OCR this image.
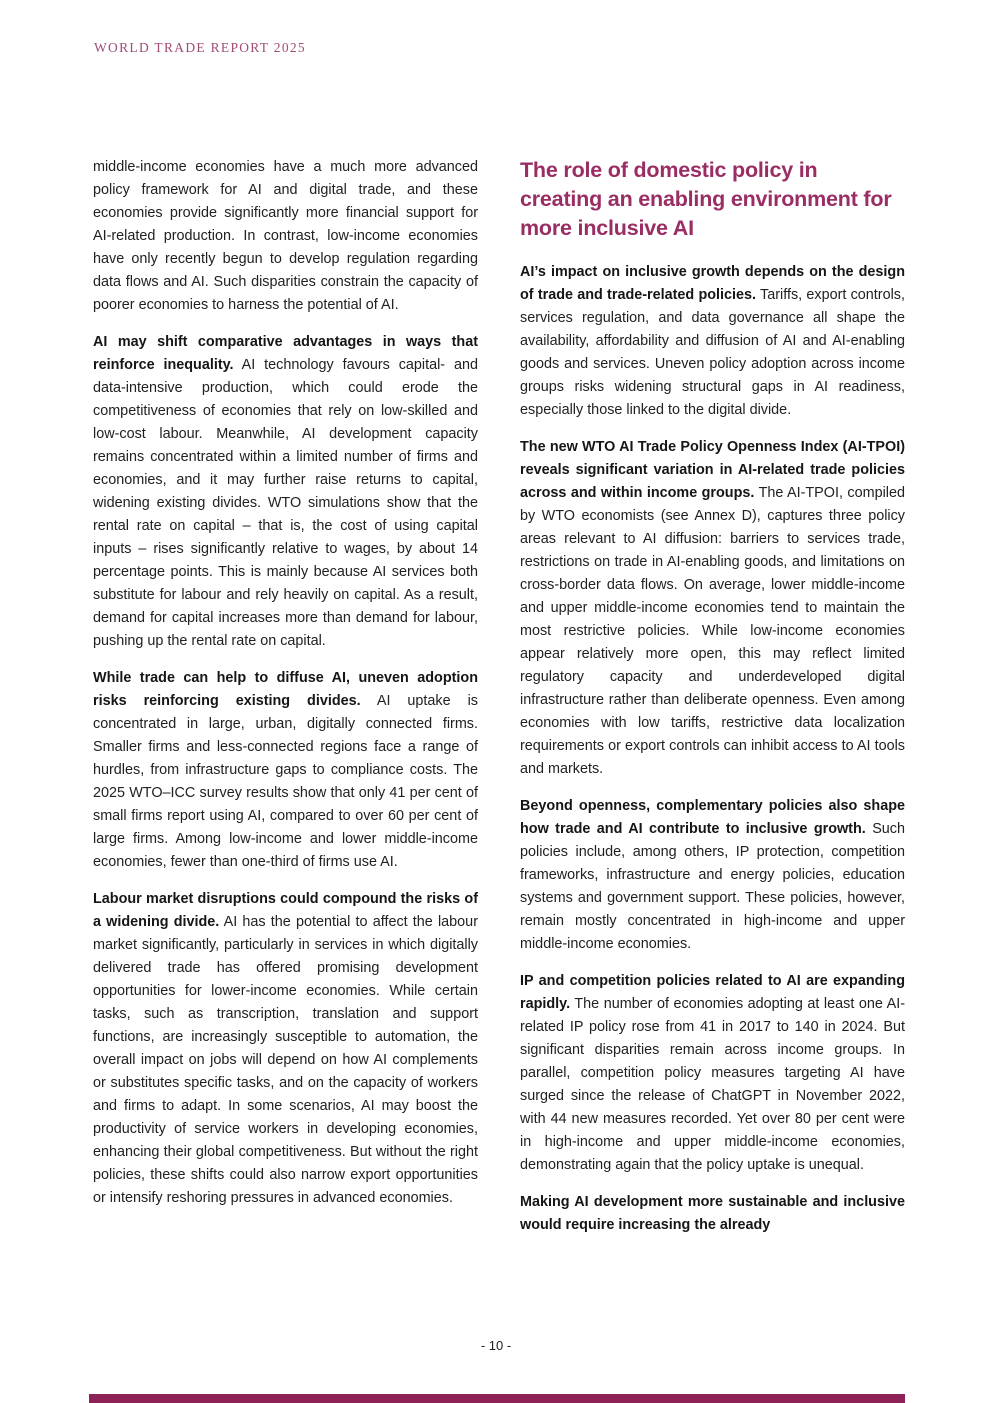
WORLD TRADE REPORT 2025

middle-income economies have a much more advanced policy framework for AI and digital trade, and these economies provide significantly more financial support for AI-related production. In contrast, low-income economies have only recently begun to develop regulation regarding data flows and AI. Such disparities constrain the capacity of poorer economies to harness the potential of AI.

AI may shift comparative advantages in ways that reinforce inequality. AI technology favours capital- and data-intensive production, which could erode the competitiveness of economies that rely on low-skilled and low-cost labour. Meanwhile, AI development capacity remains concentrated within a limited number of firms and economies, and it may further raise returns to capital, widening existing divides. WTO simulations show that the rental rate on capital – that is, the cost of using capital inputs – rises significantly relative to wages, by about 14 percentage points. This is mainly because AI services both substitute for labour and rely heavily on capital. As a result, demand for capital increases more than demand for labour, pushing up the rental rate on capital.

While trade can help to diffuse AI, uneven adoption risks reinforcing existing divides. AI uptake is concentrated in large, urban, digitally connected firms. Smaller firms and less-connected regions face a range of hurdles, from infrastructure gaps to compliance costs. The 2025 WTO–ICC survey results show that only 41 per cent of small firms report using AI, compared to over 60 per cent of large firms. Among low-income and lower middle-income economies, fewer than one-third of firms use AI.

Labour market disruptions could compound the risks of a widening divide. AI has the potential to affect the labour market significantly, particularly in services in which digitally delivered trade has offered promising development opportunities for lower-income economies. While certain tasks, such as transcription, translation and support functions, are increasingly susceptible to automation, the overall impact on jobs will depend on how AI complements or substitutes specific tasks, and on the capacity of workers and firms to adapt. In some scenarios, AI may boost the productivity of service workers in developing economies, enhancing their global competitiveness. But without the right policies, these shifts could also narrow export opportunities or intensify reshoring pressures in advanced economies.

The role of domestic policy in creating an enabling environment for more inclusive AI

AI’s impact on inclusive growth depends on the design of trade and trade-related policies. Tariffs, export controls, services regulation, and data governance all shape the availability, affordability and diffusion of AI and AI-enabling goods and services. Uneven policy adoption across income groups risks widening structural gaps in AI readiness, especially those linked to the digital divide.

The new WTO AI Trade Policy Openness Index (AI-TPOI) reveals significant variation in AI-related trade policies across and within income groups. The AI-TPOI, compiled by WTO economists (see Annex D), captures three policy areas relevant to AI diffusion: barriers to services trade, restrictions on trade in AI-enabling goods, and limitations on cross-border data flows. On average, lower middle-income and upper middle-income economies tend to maintain the most restrictive policies. While low-income economies appear relatively more open, this may reflect limited regulatory capacity and underdeveloped digital infrastructure rather than deliberate openness. Even among economies with low tariffs, restrictive data localization requirements or export controls can inhibit access to AI tools and markets.

Beyond openness, complementary policies also shape how trade and AI contribute to inclusive growth. Such policies include, among others, IP protection, competition frameworks, infrastructure and energy policies, education systems and government support. These policies, however, remain mostly concentrated in high-income and upper middle-income economies.

IP and competition policies related to AI are expanding rapidly. The number of economies adopting at least one AI-related IP policy rose from 41 in 2017 to 140 in 2024. But significant disparities remain across income groups. In parallel, competition policy measures targeting AI have surged since the release of ChatGPT in November 2022, with 44 new measures recorded. Yet over 80 per cent were in high-income and upper middle-income economies, demonstrating again that the policy uptake is unequal.

Making AI development more sustainable and inclusive would require increasing the already

- 10 -
